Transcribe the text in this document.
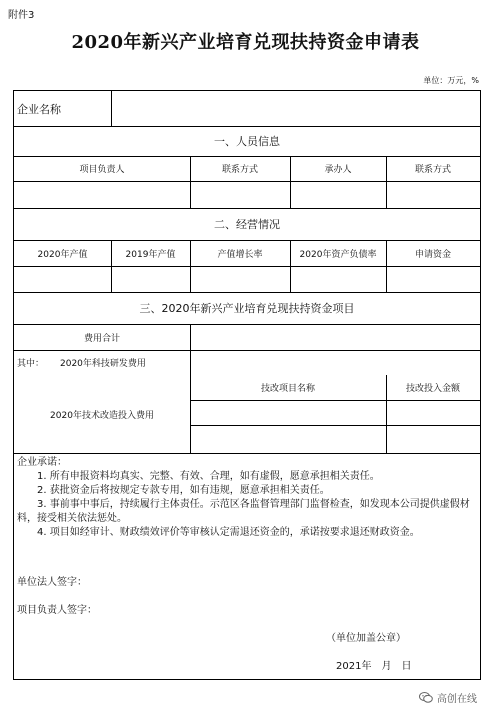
附件3
2020年新兴产业培育兑现扶持资金申请表
单位：万元，%
企业名称
一、人员信息
项目负责人	联系方式	承办人	联系方式
二、经营情况
2020年产值	2019年产值	产值增长率	2020年资产负债率	申请资金
三、2020年新兴产业培育兑现扶持资金项目
费用合计
其中： 2020年科技研发费用
2020年技术改造投入费用
技改项目名称	技改投入金额
企业承诺：
1. 所有申报资料均真实、完整、有效、合理，如有虚假，愿意承担相关责任。
2. 获批资金后将按规定专款专用，如有违规，愿意承担相关责任。
3. 事前事中事后，持续履行主体责任。示范区各监督管理部门监督检查，如发现本公司提供虚假材料，接受相关依法惩处。
4. 项目如经审计、财政绩效评价等审核认定需退还资金的，承诺按要求退还财政资金。
单位法人签字：
项目负责人签字：
（单位加盖公章）
2021年　月　日
高创在线
